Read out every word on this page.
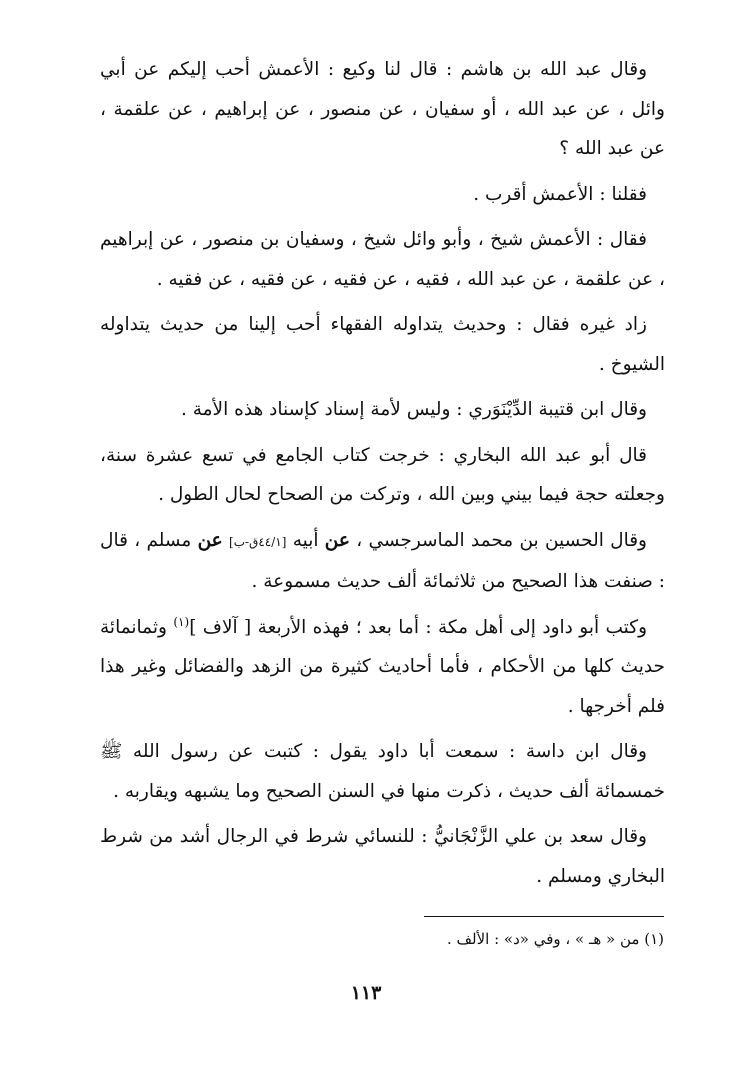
وقال عبد الله بن هاشم : قال لنا وكيع : الأعمش أحب إليكم عن أبي وائل ، عن عبد الله ، أو سفيان ، عن منصور ، عن إبراهيم ، عن علقمة ، عن عبد الله ؟

فقلنا : الأعمش أقرب .

فقال : الأعمش شيخ ، وأبو وائل شيخ ، وسفيان بن منصور ، عن إبراهيم ، عن علقمة ، عن عبد الله ، فقيه ، عن فقيه ، عن فقيه ، عن فقيه .

زاد غيره فقال : وحديث يتداوله الفقهاء أحب إلينا من حديث يتداوله الشيوخ .

وقال ابن قتيبة الدِّيْنَوَري : وليس لأمة إسناد كإسناد هذه الأمة .

قال أبو عبد الله البخاري : خرجت كتاب الجامع في تسع عشرة سنة، وجعلته حجة فيما بيني وبين الله ، وتركت من الصحاح لحال الطول .

وقال الحسين بن محمد الماسرجسي ، عن أبيه [٤٤/١ق-ب] عن مسلم ، قال : صنفت هذا الصحيح من ثلاثمائة ألف حديث مسموعة .

وكتب أبو داود إلى أهل مكة : أما بعد ؛ فهذه الأربعة [ آلاف ]$^{(١)}$ وثمانمائة حديث كلها من الأحكام ، فأما أحاديث كثيرة من الزهد والفضائل وغير هذا فلم أخرجها .

وقال ابن داسة : سمعت أبا داود يقول : كتبت عن رسول الله ﷺ خمسمائة ألف حديث ، ذكرت منها في السنن الصحيح وما يشبهه ويقاربه .

وقال سعد بن علي الزَّنْجَانيُّ : للنسائي شرط في الرجال أشد من شرط البخاري ومسلم .

(١) من « هـ » ، وفي «د» : الألف .
١١٣
